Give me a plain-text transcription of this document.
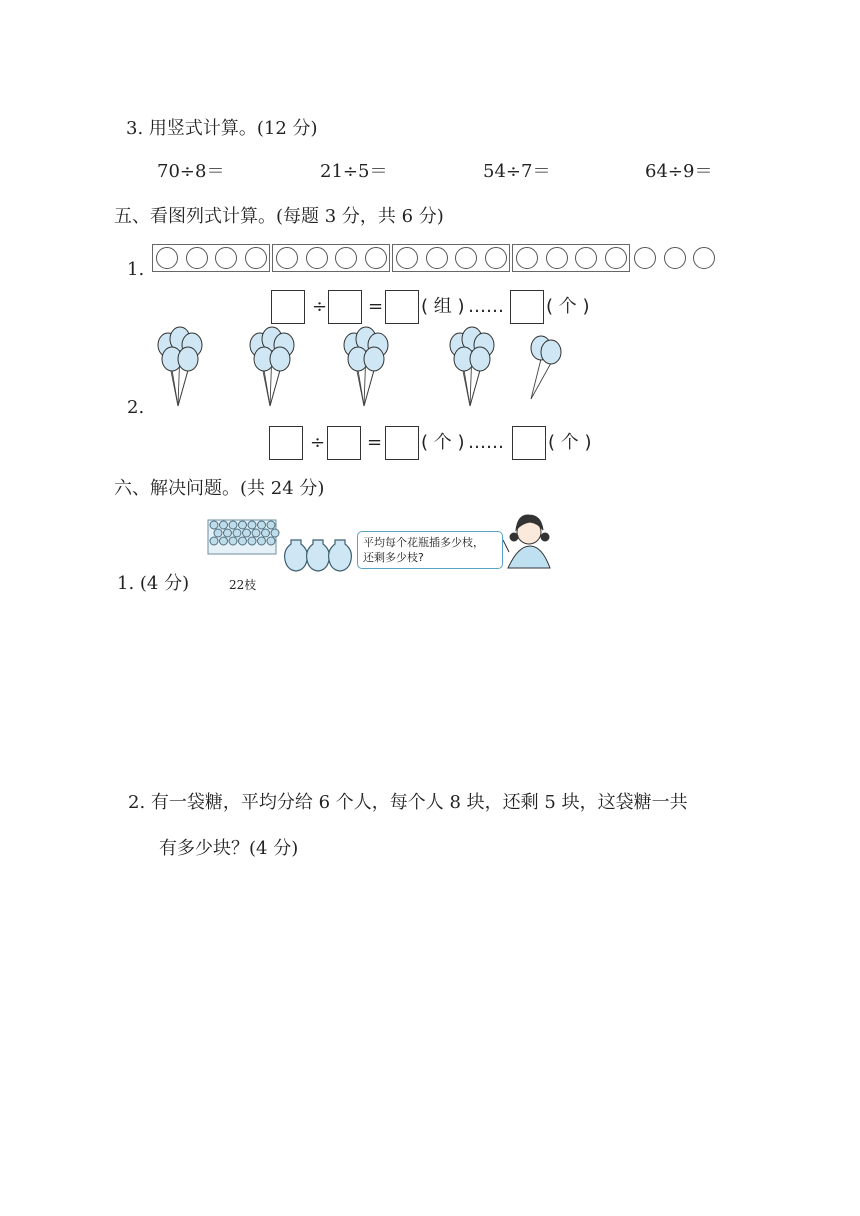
3. 用竖式计算。(12 分)
70÷8＝	21÷5＝	54÷7＝	64÷9＝
五、看图列式计算。(每题 3 分，共 6 分)
1.
÷ = ( 组 ) …… ( 个 )
2.
÷ = ( 个 ) …… ( 个 )
六、解决问题。(共 24 分)
1. (4 分)	22枝
平均每个花瓶插多少枝，
还剩多少枝?
2. 有一袋糖，平均分给 6 个人，每个人 8 块，还剩 5 块，这袋糖一共
有多少块？(4 分)
